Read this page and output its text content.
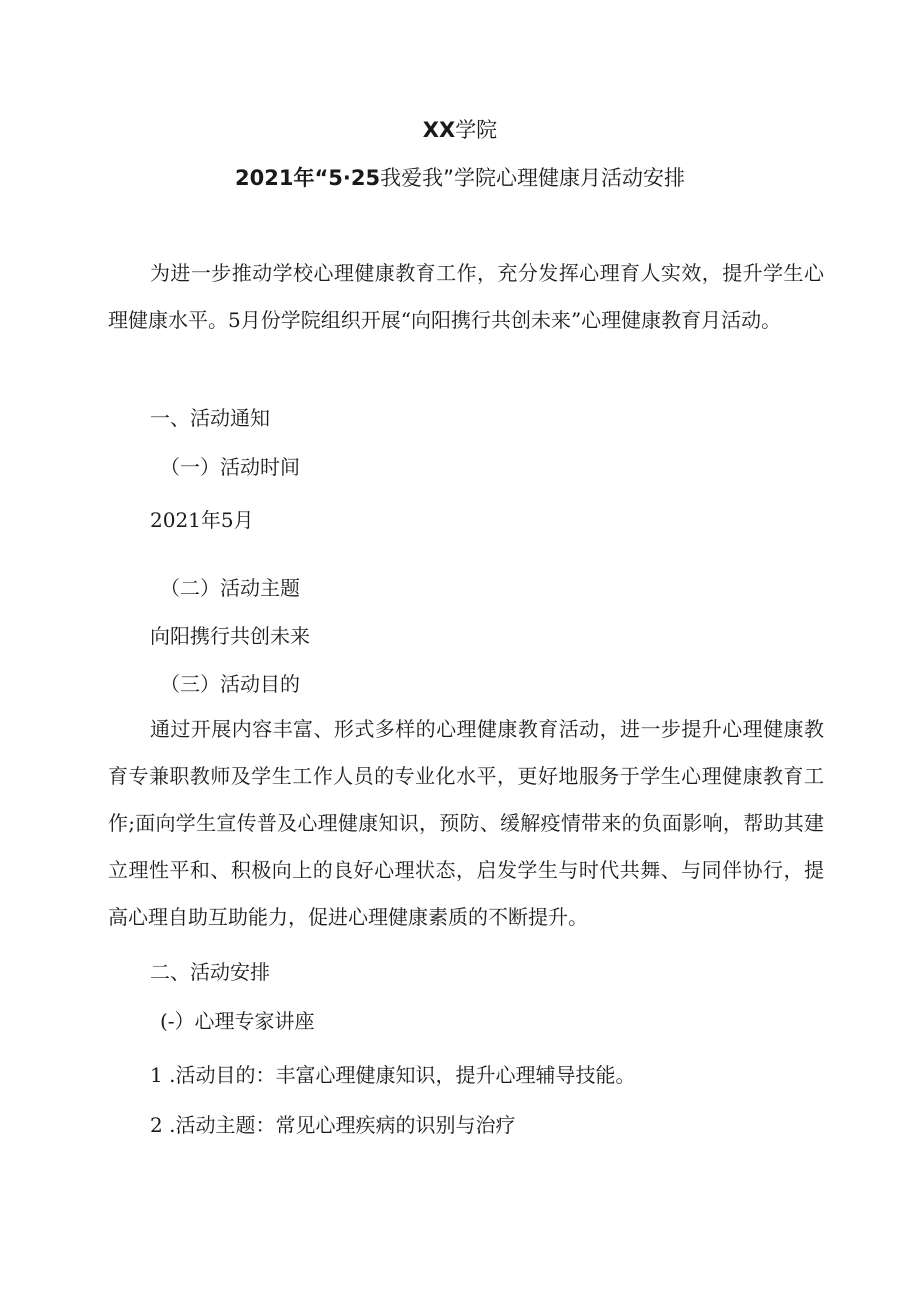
XX学院
2021年“5·25我爱我”学院心理健康月活动安排
为进一步推动学校心理健康教育工作，充分发挥心理育人实效，提升学生心理健康水平。5月份学院组织开展“向阳携行共创未来”心理健康教育月活动。
一、活动通知
（一）活动时间
2021年5月
（二）活动主题
向阳携行共创未来
（三）活动目的
通过开展内容丰富、形式多样的心理健康教育活动，进一步提升心理健康教育专兼职教师及学生工作人员的专业化水平，更好地服务于学生心理健康教育工作;面向学生宣传普及心理健康知识，预防、缓解疫情带来的负面影响，帮助其建立理性平和、积极向上的良好心理状态，启发学生与时代共舞、与同伴协行，提高心理自助互助能力，促进心理健康素质的不断提升。
二、活动安排
(-）心理专家讲座
1 .活动目的：丰富心理健康知识，提升心理辅导技能。
2 .活动主题：常见心理疾病的识别与治疗
